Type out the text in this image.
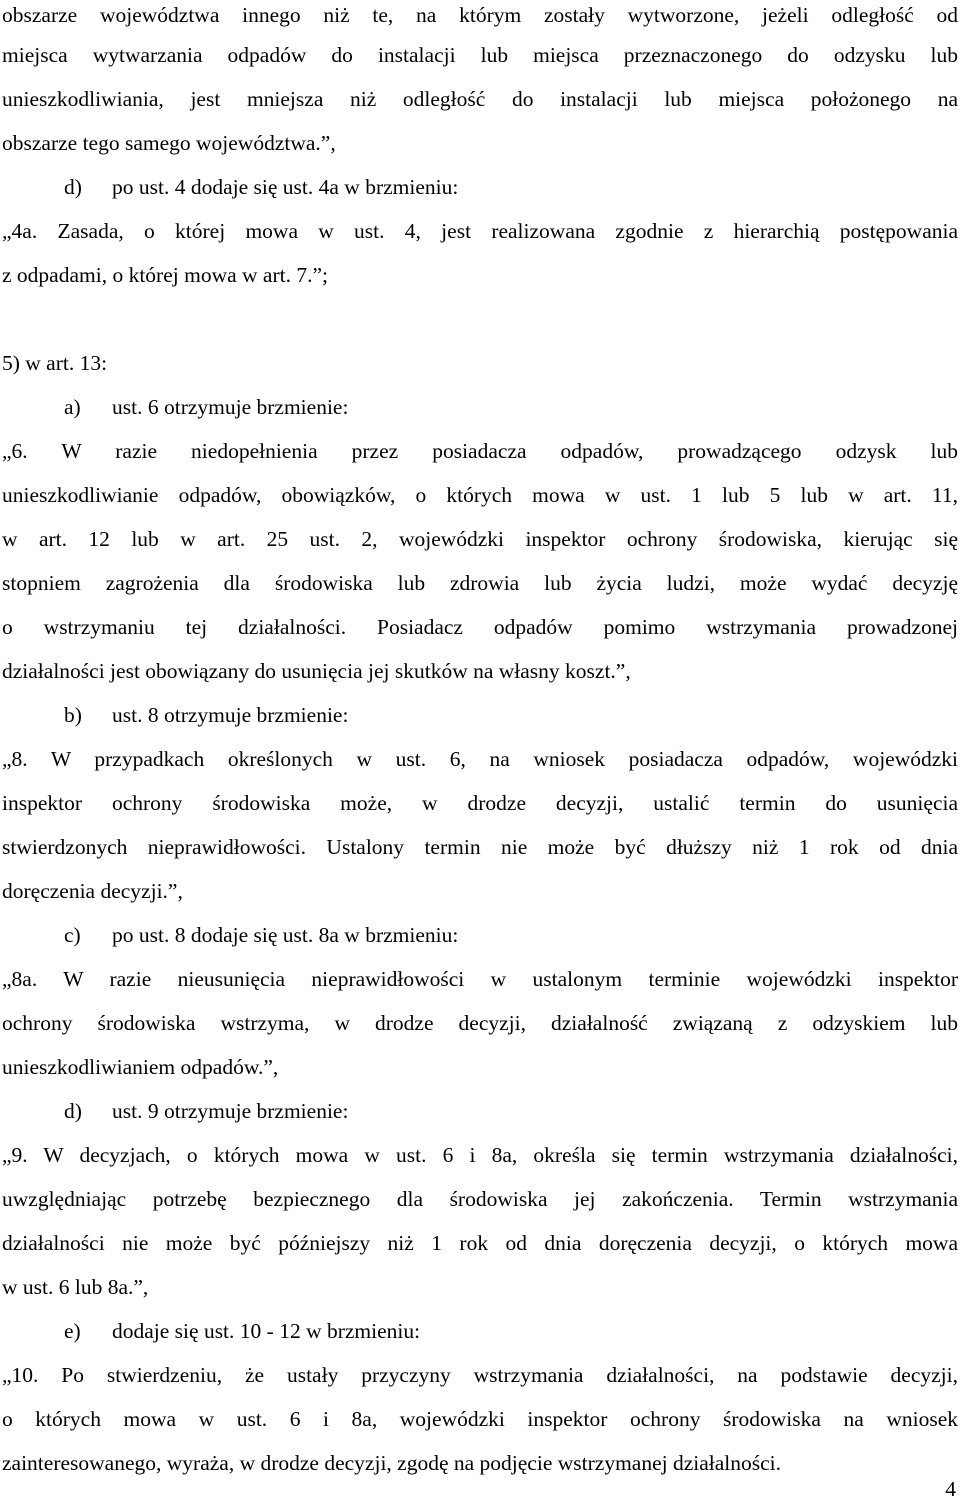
obszarze województwa innego niż te, na którym zostały wytworzone, jeżeli odległość od
miejsca wytwarzania odpadów do instalacji lub miejsca przeznaczonego do odzysku lub
unieszkodliwiania, jest mniejsza niż odległość do instalacji lub miejsca położonego na
obszarze tego samego województwa.”,
d) po ust. 4 dodaje się ust. 4a w brzmieniu:
„4a. Zasada, o której mowa w ust. 4, jest realizowana zgodnie z hierarchią postępowania
z odpadami, o której mowa w art. 7.”;
5) w art. 13:
a) ust. 6 otrzymuje brzmienie:
„6. W razie niedopełnienia przez posiadacza odpadów, prowadzącego odzysk lub
unieszkodliwianie odpadów, obowiązków, o których mowa w ust. 1 lub 5 lub w art. 11,
w art. 12 lub w art. 25 ust. 2, wojewódzki inspektor ochrony środowiska, kierując się
stopniem zagrożenia dla środowiska lub zdrowia lub życia ludzi, może wydać decyzję
o wstrzymaniu tej działalności. Posiadacz odpadów pomimo wstrzymania prowadzonej
działalności jest obowiązany do usunięcia jej skutków na własny koszt.”,
b) ust. 8 otrzymuje brzmienie:
„8. W przypadkach określonych w ust. 6, na wniosek posiadacza odpadów, wojewódzki
inspektor ochrony środowiska może, w drodze decyzji, ustalić termin do usunięcia
stwierdzonych nieprawidłowości. Ustalony termin nie może być dłuższy niż 1 rok od dnia
doręczenia decyzji.”,
c) po ust. 8 dodaje się ust. 8a w brzmieniu:
„8a. W razie nieusunięcia nieprawidłowości w ustalonym terminie wojewódzki inspektor
ochrony środowiska wstrzyma, w drodze decyzji, działalność związaną z odzyskiem lub
unieszkodliwianiem odpadów.”,
d) ust. 9 otrzymuje brzmienie:
„9. W decyzjach, o których mowa w ust. 6 i 8a, określa się termin wstrzymania działalności,
uwzględniając potrzebę bezpiecznego dla środowiska jej zakończenia. Termin wstrzymania
działalności nie może być późniejszy niż 1 rok od dnia doręczenia decyzji, o których mowa
w ust. 6 lub 8a.”,
e) dodaje się ust. 10 - 12 w brzmieniu:
„10. Po stwierdzeniu, że ustały przyczyny wstrzymania działalności, na podstawie decyzji,
o których mowa w ust. 6 i 8a, wojewódzki inspektor ochrony środowiska na wniosek
zainteresowanego, wyraża, w drodze decyzji, zgodę na podjęcie wstrzymanej działalności.
4
